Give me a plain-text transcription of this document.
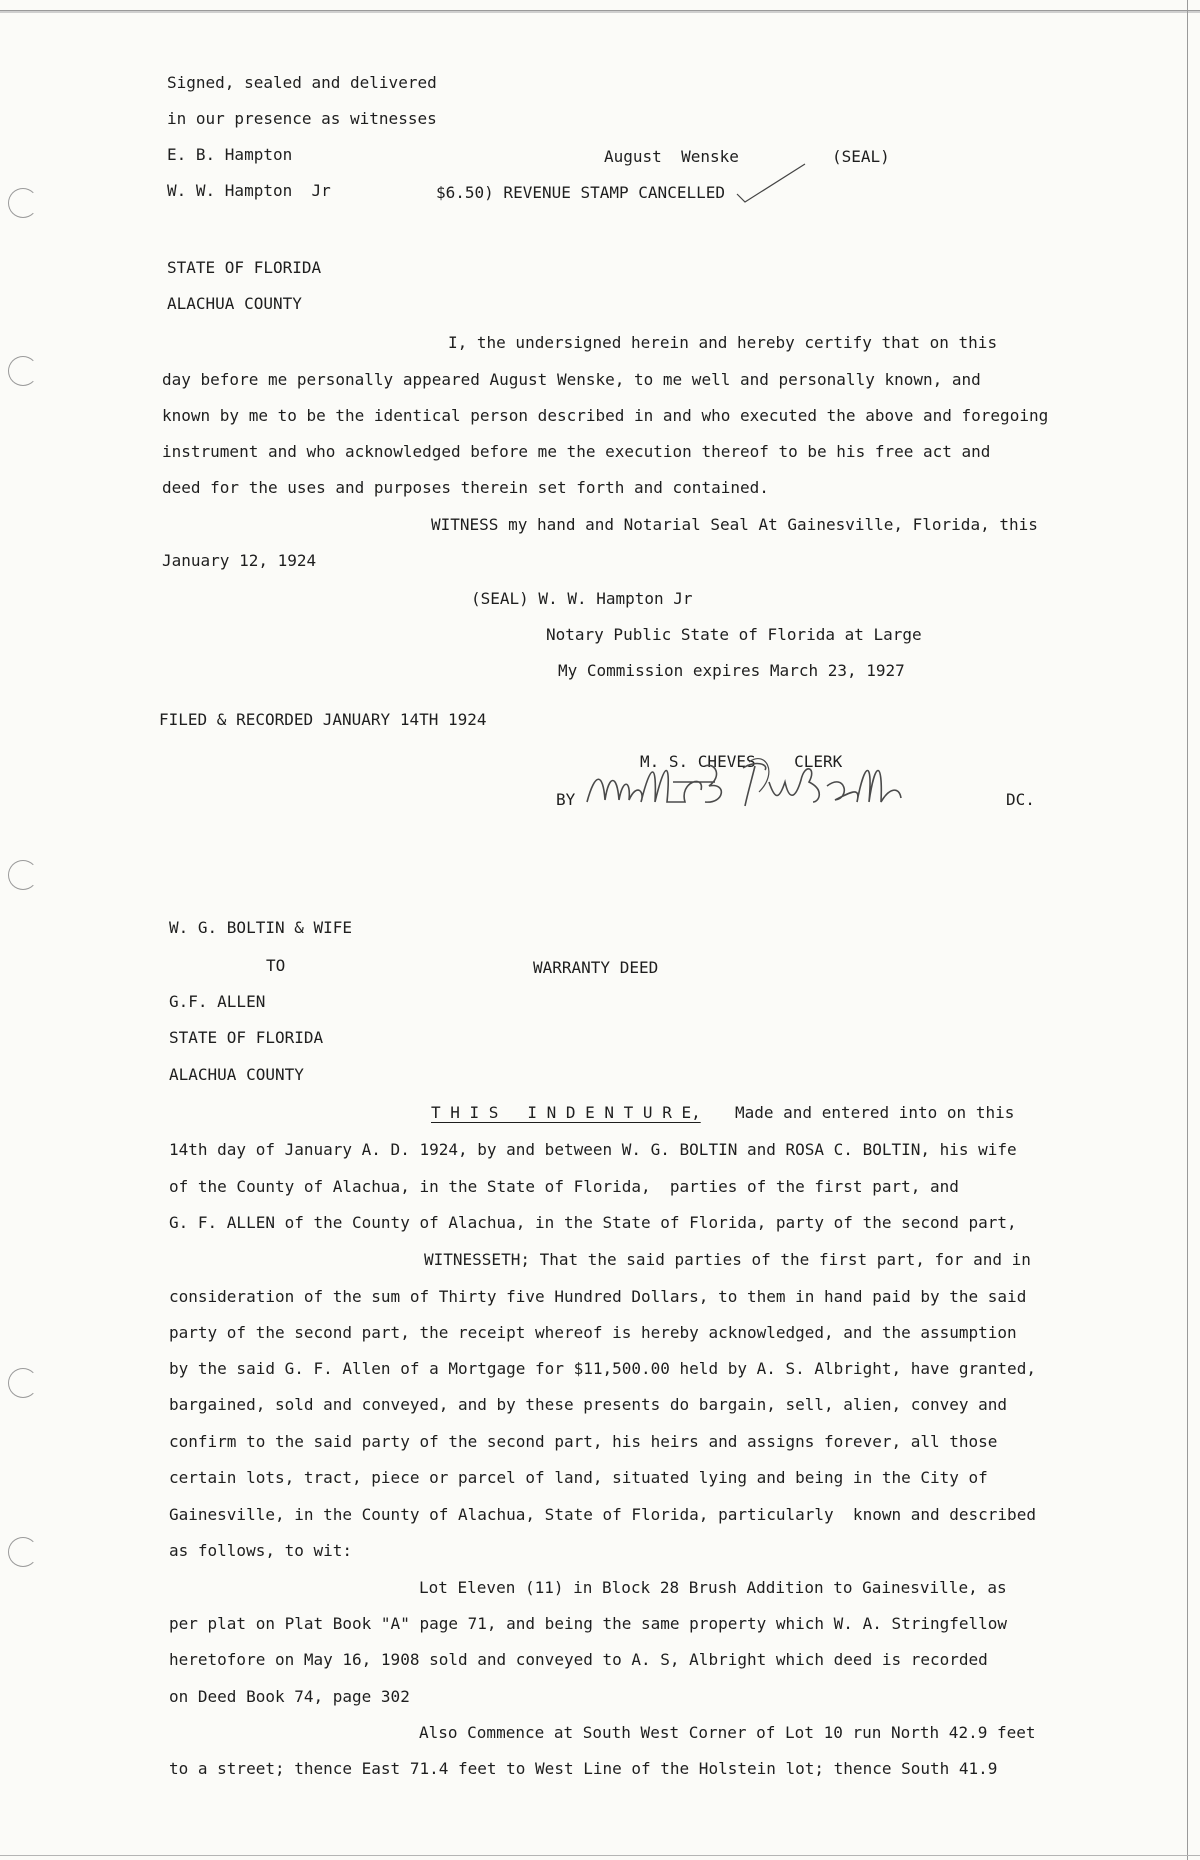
Signed, sealed and delivered
in our presence as witnesses
E. B. Hampton	August  Wenske	(SEAL)
W. W. Hampton  Jr	$6.50) REVENUE STAMP CANCELLED
STATE OF FLORIDA
ALACHUA COUNTY
I, the undersigned herein and hereby certify that on this
day before me personally appeared August Wenske, to me well and personally known, and
known by me to be the identical person described in and who executed the above and foregoing
instrument and who acknowledged before me the execution thereof to be his free act and
deed for the uses and purposes therein set forth and contained.
WITNESS my hand and Notarial Seal At Gainesville, Florida, this
January 12, 1924
(SEAL) W. W. Hampton Jr
Notary Public State of Florida at Large
My Commission expires March 23, 1927
FILED & RECORDED JANUARY 14TH 1924
M. S. CHEVES    CLERK
BY	DC.
W. G. BOLTIN & WIFE
TO	WARRANTY DEED
G.F. ALLEN
STATE OF FLORIDA
ALACHUA COUNTY
T H I S   I N D E N T U R E, Made and entered into on this
14th day of January A. D. 1924, by and between W. G. BOLTIN and ROSA C. BOLTIN, his wife
of the County of Alachua, in the State of Florida,  parties of the first part, and
G. F. ALLEN of the County of Alachua, in the State of Florida, party of the second part,
WITNESSETH; That the said parties of the first part, for and in
consideration of the sum of Thirty five Hundred Dollars, to them in hand paid by the said
party of the second part, the receipt whereof is hereby acknowledged, and the assumption
by the said G. F. Allen of a Mortgage for $11,500.00 held by A. S. Albright, have granted,
bargained, sold and conveyed, and by these presents do bargain, sell, alien, convey and
confirm to the said party of the second part, his heirs and assigns forever, all those
certain lots, tract, piece or parcel of land, situated lying and being in the City of
Gainesville, in the County of Alachua, State of Florida, particularly  known and described
as follows, to wit:
Lot Eleven (11) in Block 28 Brush Addition to Gainesville, as
per plat on Plat Book "A" page 71, and being the same property which W. A. Stringfellow
heretofore on May 16, 1908 sold and conveyed to A. S, Albright which deed is recorded
on Deed Book 74, page 302
Also Commence at South West Corner of Lot 10 run North 42.9 feet
to a street; thence East 71.4 feet to West Line of the Holstein lot; thence South 41.9
